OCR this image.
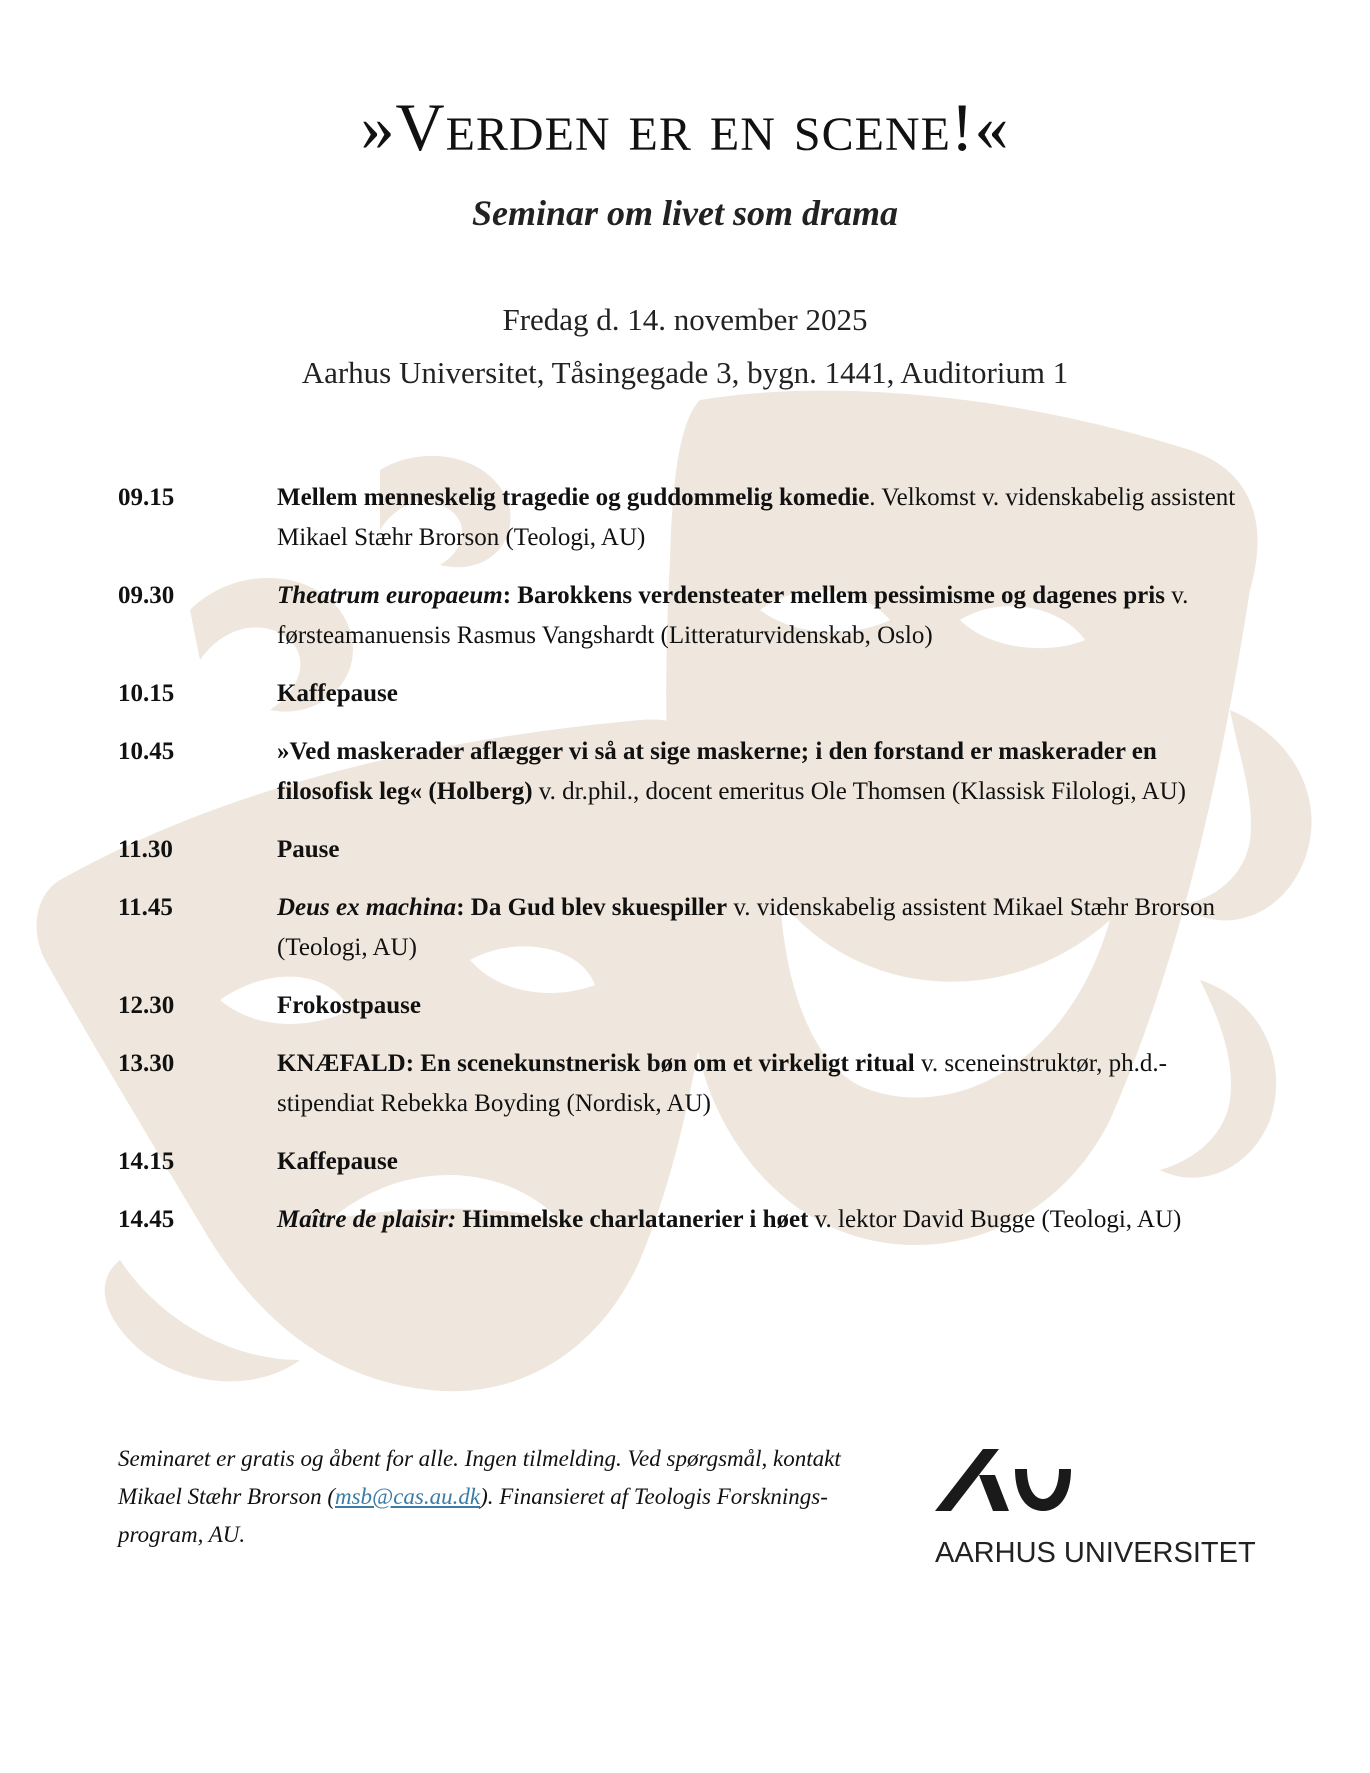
»Verden er en scene!«
Seminar om livet som drama
Fredag d. 14. november 2025
Aarhus Universitet, Tåsingegade 3, bygn. 1441, Auditorium 1
09.15	Mellem menneskelig tragedie og guddommelig komedie. Velkomst v. videnskabelig assistent Mikael Stæhr Brorson (Teologi, AU)
09.30	Theatrum europaeum: Barokkens verdensteater mellem pessimisme og dagenes pris v. førsteamanuensis Rasmus Vangshardt (Litteraturvidenskab, Oslo)
10.15	Kaffepause
10.45	»Ved maskerader aflægger vi så at sige maskerne; i den forstand er maskerader en filosofisk leg« (Holberg) v. dr.phil., docent emeritus Ole Thomsen (Klassisk Filologi, AU)
11.30	Pause
11.45	Deus ex machina: Da Gud blev skuespiller v. videnskabelig assistent Mikael Stæhr Brorson (Teologi, AU)
12.30	Frokostpause
13.30	KNÆFALD: En scenekunstnerisk bøn om et virkeligt ritual v. sceneinstruktør, ph.d.-stipendiat Rebekka Boyding (Nordisk, AU)
14.15	Kaffepause
14.45	Maître de plaisir: Himmelske charlatanerier i høet v. lektor David Bugge (Teologi, AU)
Seminaret er gratis og åbent for alle. Ingen tilmelding. Ved spørgsmål, kontakt Mikael Stæhr Brorson (msb@cas.au.dk). Finansieret af Teologis Forsknings-program, AU.
AARHUS UNIVERSITET
